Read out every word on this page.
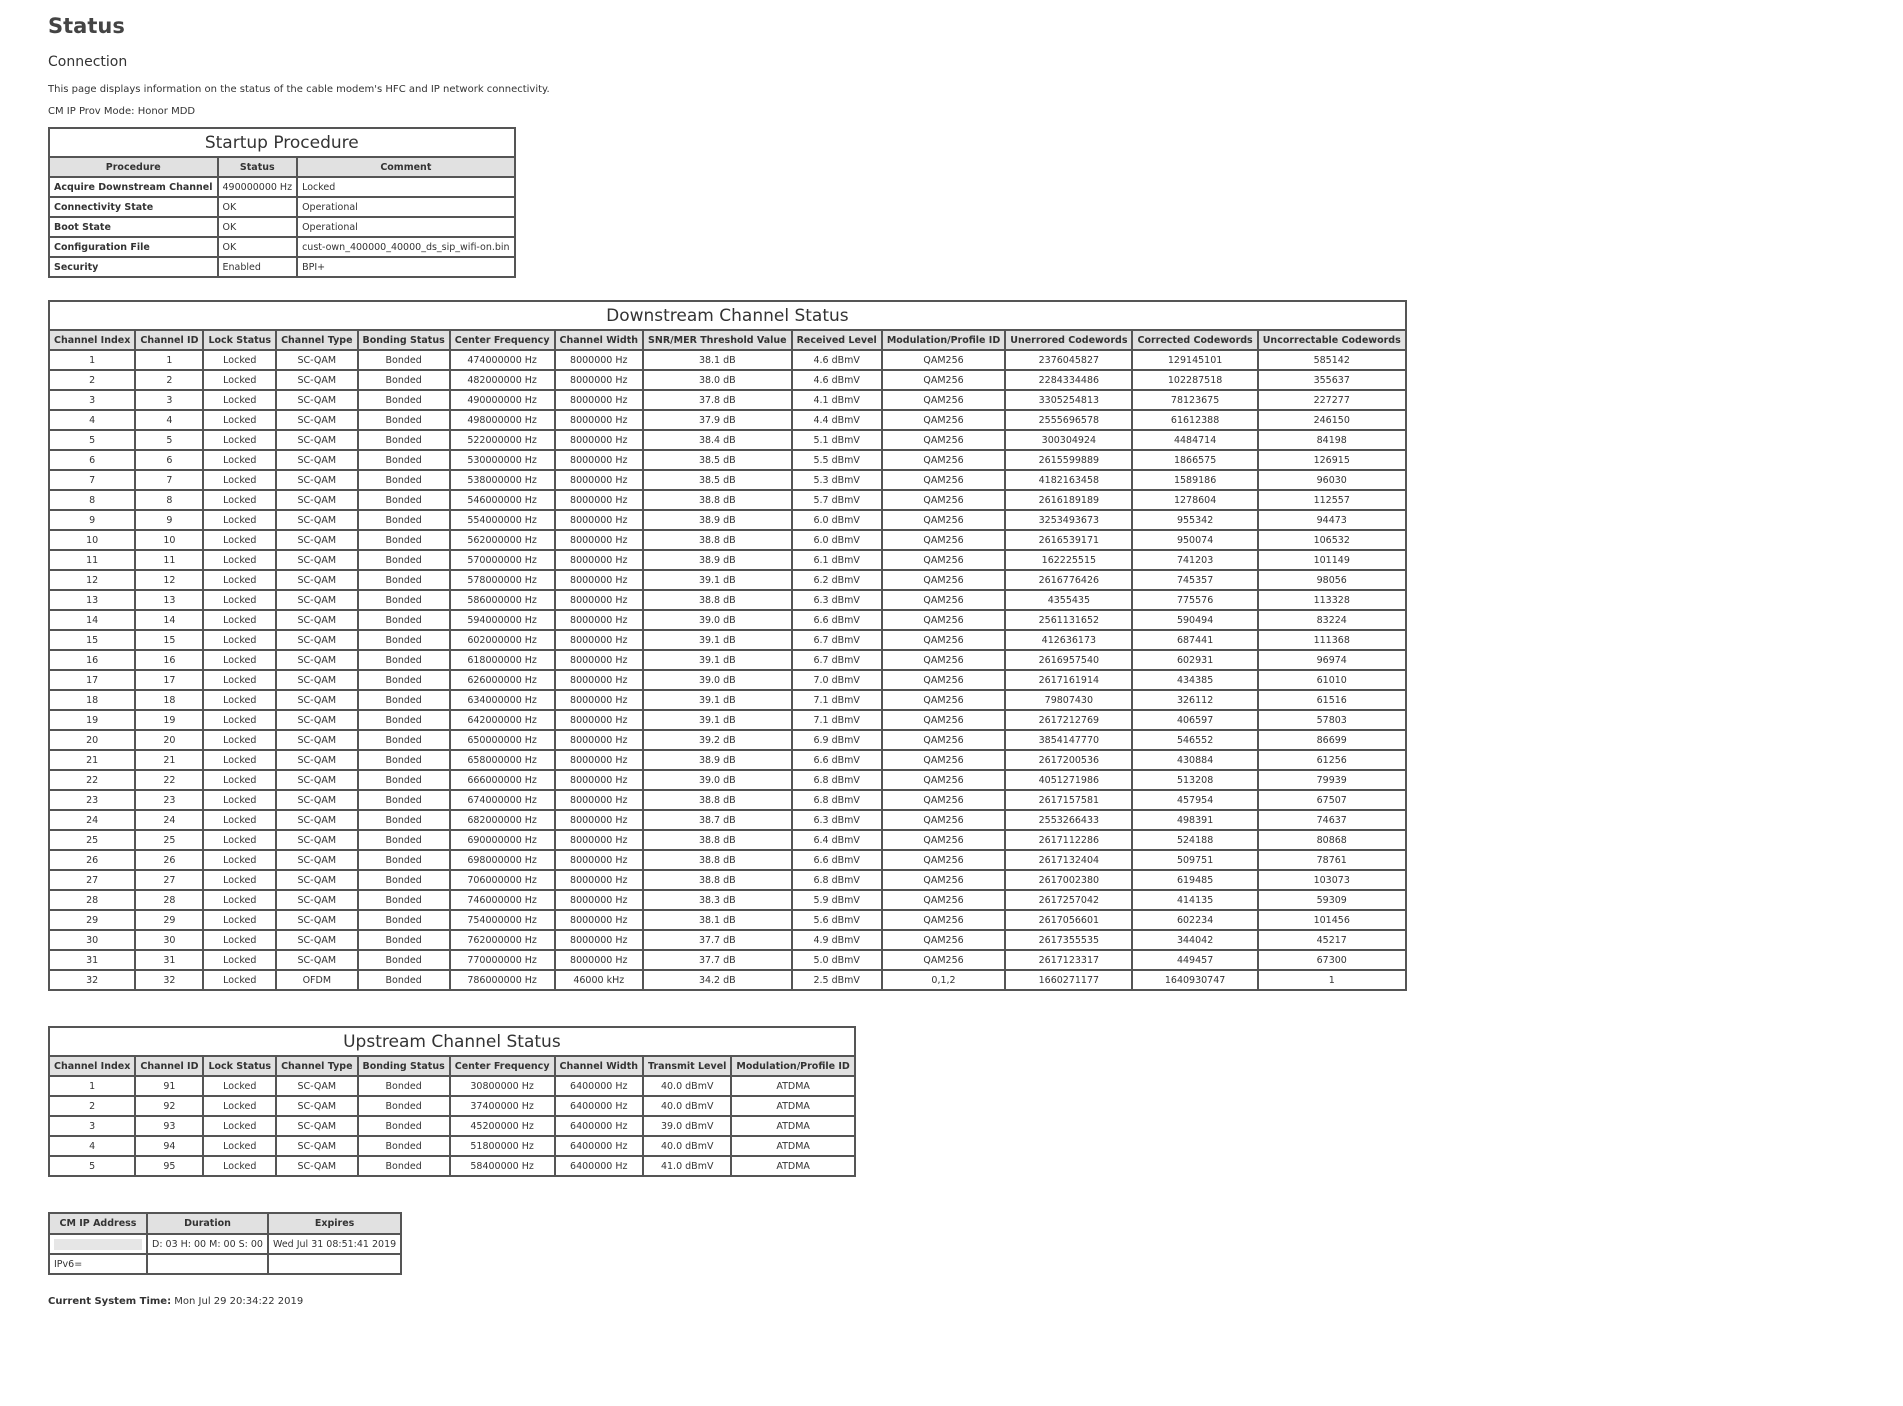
Status
Connection

This page displays information on the status of the cable modem's HFC and IP network connectivity.

CM IP Prov Mode: Honor MDD

Startup Procedure		
Procedure	Status	Comment
Acquire Downstream Channel	490000000 Hz	Locked
Connectivity State	OK	Operational
Boot State	OK	Operational
Configuration File	OK	cust-own_400000_40000_ds_sip_wifi-on.bin
Security	Enabled	BPI+
Downstream Channel Status												
Channel Index	Channel ID	Lock Status	Channel Type	Bonding Status	Center Frequency	Channel Width	SNR/MER Threshold Value	Received Level	Modulation/Profile ID	Unerrored Codewords	Corrected Codewords	Uncorrectable Codewords
1	1	Locked	SC-QAM	Bonded	474000000 Hz	8000000 Hz	38.1 dB	4.6 dBmV	QAM256	2376045827	129145101	585142
2	2	Locked	SC-QAM	Bonded	482000000 Hz	8000000 Hz	38.0 dB	4.6 dBmV	QAM256	2284334486	102287518	355637
3	3	Locked	SC-QAM	Bonded	490000000 Hz	8000000 Hz	37.8 dB	4.1 dBmV	QAM256	3305254813	78123675	227277
4	4	Locked	SC-QAM	Bonded	498000000 Hz	8000000 Hz	37.9 dB	4.4 dBmV	QAM256	2555696578	61612388	246150
5	5	Locked	SC-QAM	Bonded	522000000 Hz	8000000 Hz	38.4 dB	5.1 dBmV	QAM256	300304924	4484714	84198
6	6	Locked	SC-QAM	Bonded	530000000 Hz	8000000 Hz	38.5 dB	5.5 dBmV	QAM256	2615599889	1866575	126915
7	7	Locked	SC-QAM	Bonded	538000000 Hz	8000000 Hz	38.5 dB	5.3 dBmV	QAM256	4182163458	1589186	96030
8	8	Locked	SC-QAM	Bonded	546000000 Hz	8000000 Hz	38.8 dB	5.7 dBmV	QAM256	2616189189	1278604	112557
9	9	Locked	SC-QAM	Bonded	554000000 Hz	8000000 Hz	38.9 dB	6.0 dBmV	QAM256	3253493673	955342	94473
10	10	Locked	SC-QAM	Bonded	562000000 Hz	8000000 Hz	38.8 dB	6.0 dBmV	QAM256	2616539171	950074	106532
11	11	Locked	SC-QAM	Bonded	570000000 Hz	8000000 Hz	38.9 dB	6.1 dBmV	QAM256	162225515	741203	101149
12	12	Locked	SC-QAM	Bonded	578000000 Hz	8000000 Hz	39.1 dB	6.2 dBmV	QAM256	2616776426	745357	98056
13	13	Locked	SC-QAM	Bonded	586000000 Hz	8000000 Hz	38.8 dB	6.3 dBmV	QAM256	4355435	775576	113328
14	14	Locked	SC-QAM	Bonded	594000000 Hz	8000000 Hz	39.0 dB	6.6 dBmV	QAM256	2561131652	590494	83224
15	15	Locked	SC-QAM	Bonded	602000000 Hz	8000000 Hz	39.1 dB	6.7 dBmV	QAM256	412636173	687441	111368
16	16	Locked	SC-QAM	Bonded	618000000 Hz	8000000 Hz	39.1 dB	6.7 dBmV	QAM256	2616957540	602931	96974
17	17	Locked	SC-QAM	Bonded	626000000 Hz	8000000 Hz	39.0 dB	7.0 dBmV	QAM256	2617161914	434385	61010
18	18	Locked	SC-QAM	Bonded	634000000 Hz	8000000 Hz	39.1 dB	7.1 dBmV	QAM256	79807430	326112	61516
19	19	Locked	SC-QAM	Bonded	642000000 Hz	8000000 Hz	39.1 dB	7.1 dBmV	QAM256	2617212769	406597	57803
20	20	Locked	SC-QAM	Bonded	650000000 Hz	8000000 Hz	39.2 dB	6.9 dBmV	QAM256	3854147770	546552	86699
21	21	Locked	SC-QAM	Bonded	658000000 Hz	8000000 Hz	38.9 dB	6.6 dBmV	QAM256	2617200536	430884	61256
22	22	Locked	SC-QAM	Bonded	666000000 Hz	8000000 Hz	39.0 dB	6.8 dBmV	QAM256	4051271986	513208	79939
23	23	Locked	SC-QAM	Bonded	674000000 Hz	8000000 Hz	38.8 dB	6.8 dBmV	QAM256	2617157581	457954	67507
24	24	Locked	SC-QAM	Bonded	682000000 Hz	8000000 Hz	38.7 dB	6.3 dBmV	QAM256	2553266433	498391	74637
25	25	Locked	SC-QAM	Bonded	690000000 Hz	8000000 Hz	38.8 dB	6.4 dBmV	QAM256	2617112286	524188	80868
26	26	Locked	SC-QAM	Bonded	698000000 Hz	8000000 Hz	38.8 dB	6.6 dBmV	QAM256	2617132404	509751	78761
27	27	Locked	SC-QAM	Bonded	706000000 Hz	8000000 Hz	38.8 dB	6.8 dBmV	QAM256	2617002380	619485	103073
28	28	Locked	SC-QAM	Bonded	746000000 Hz	8000000 Hz	38.3 dB	5.9 dBmV	QAM256	2617257042	414135	59309
29	29	Locked	SC-QAM	Bonded	754000000 Hz	8000000 Hz	38.1 dB	5.6 dBmV	QAM256	2617056601	602234	101456
30	30	Locked	SC-QAM	Bonded	762000000 Hz	8000000 Hz	37.7 dB	4.9 dBmV	QAM256	2617355535	344042	45217
31	31	Locked	SC-QAM	Bonded	770000000 Hz	8000000 Hz	37.7 dB	5.0 dBmV	QAM256	2617123317	449457	67300
32	32	Locked	OFDM	Bonded	786000000 Hz	46000 kHz	34.2 dB	2.5 dBmV	0,1,2	1660271177	1640930747	1
Upstream Channel Status								
Channel Index	Channel ID	Lock Status	Channel Type	Bonding Status	Center Frequency	Channel Width	Transmit Level	Modulation/Profile ID
1	91	Locked	SC-QAM	Bonded	30800000 Hz	6400000 Hz	40.0 dBmV	ATDMA
2	92	Locked	SC-QAM	Bonded	37400000 Hz	6400000 Hz	40.0 dBmV	ATDMA
3	93	Locked	SC-QAM	Bonded	45200000 Hz	6400000 Hz	39.0 dBmV	ATDMA
4	94	Locked	SC-QAM	Bonded	51800000 Hz	6400000 Hz	40.0 dBmV	ATDMA
5	95	Locked	SC-QAM	Bonded	58400000 Hz	6400000 Hz	41.0 dBmV	ATDMA
CM IP Address	Duration	Expires
	D: 03 H: 00 M: 00 S: 00	Wed Jul 31 08:51:41 2019
IPv6=		

Current System Time: Mon Jul 29 20:34:22 2019
